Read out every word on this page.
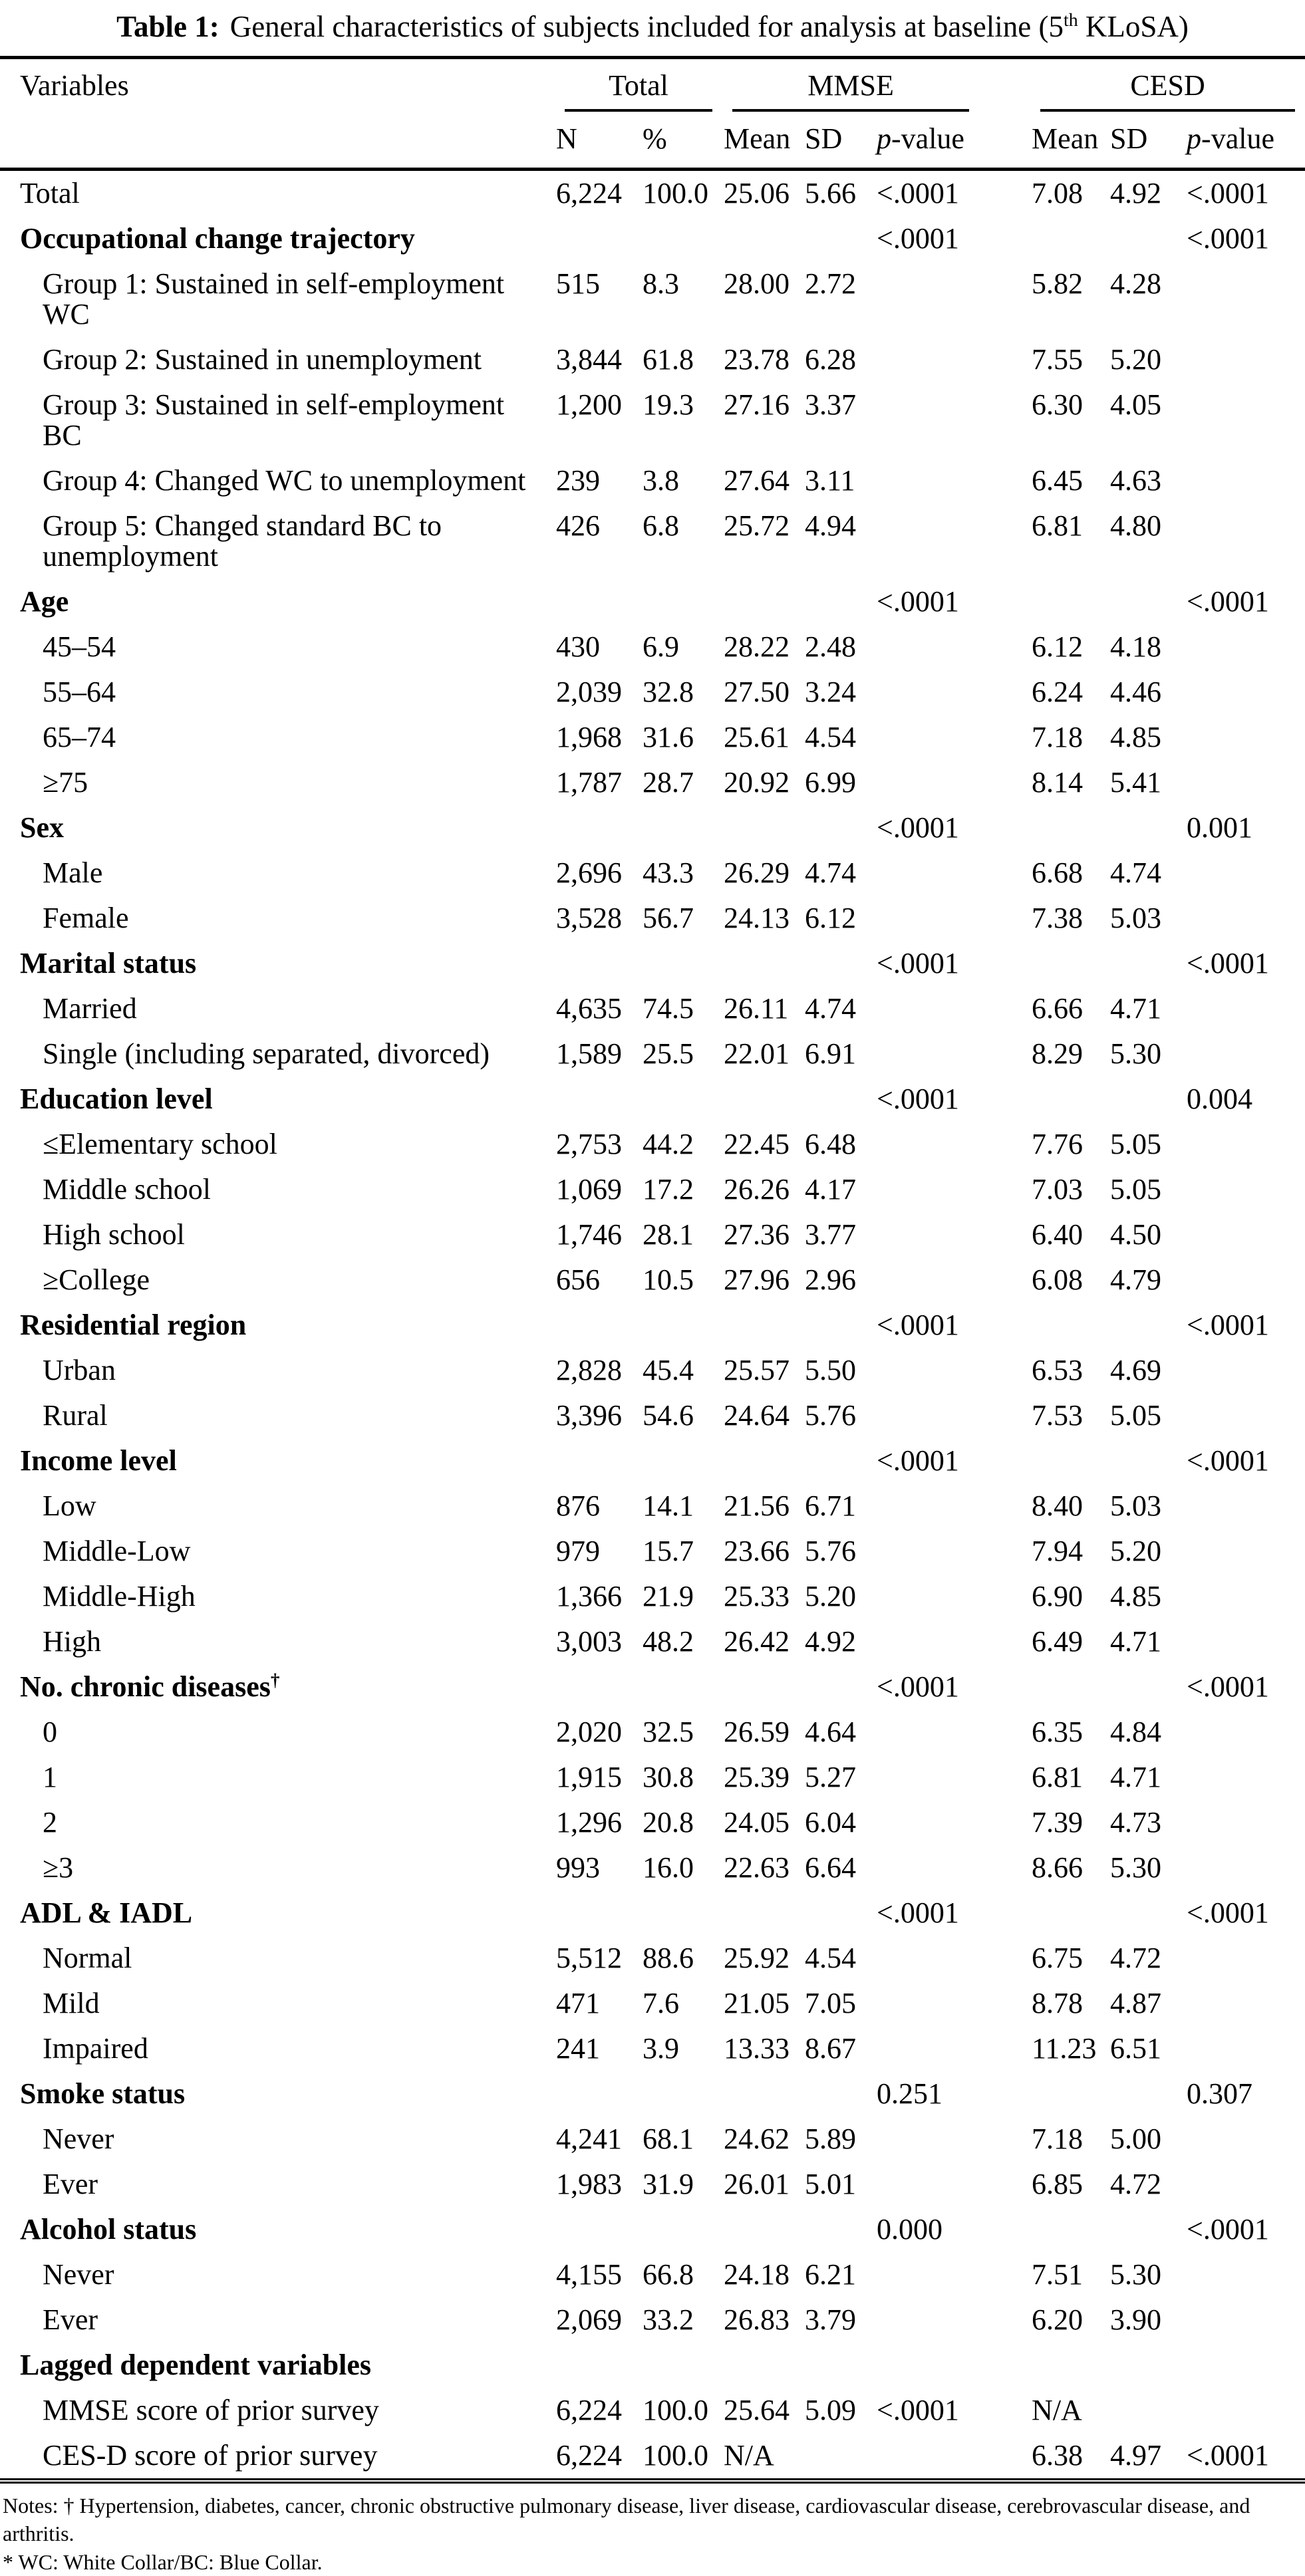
Table 1: General characteristics of subjects included for analysis at baseline (5th KLoSA)
Variables	Total		MMSE				CESD		

	N	%	Mean	SD	p-value		Mean	SD	p-value
Total	6,224	100.0	25.06	5.66	<.0001		7.08	4.92	<.0001
Occupational change trajectory					<.0001				<.0001
Group 1: Sustained in self-employment WC	515	8.3	28.00	2.72			5.82	4.28	
Group 2: Sustained in unemployment	3,844	61.8	23.78	6.28			7.55	5.20	
Group 3: Sustained in self-employment BC	1,200	19.3	27.16	3.37			6.30	4.05	
Group 4: Changed WC to unemployment	239	3.8	27.64	3.11			6.45	4.63	
Group 5: Changed standard BC to unemployment	426	6.8	25.72	4.94			6.81	4.80	
Age					<.0001				<.0001
45–54	430	6.9	28.22	2.48			6.12	4.18	
55–64	2,039	32.8	27.50	3.24			6.24	4.46	
65–74	1,968	31.6	25.61	4.54			7.18	4.85	
≥75	1,787	28.7	20.92	6.99			8.14	5.41	
Sex					<.0001				0.001
Male	2,696	43.3	26.29	4.74			6.68	4.74	
Female	3,528	56.7	24.13	6.12			7.38	5.03	
Marital status					<.0001				<.0001
Married	4,635	74.5	26.11	4.74			6.66	4.71	
Single (including separated, divorced)	1,589	25.5	22.01	6.91			8.29	5.30	
Education level					<.0001				0.004
≤Elementary school	2,753	44.2	22.45	6.48			7.76	5.05	
Middle school	1,069	17.2	26.26	4.17			7.03	5.05	
High school	1,746	28.1	27.36	3.77			6.40	4.50	
≥College	656	10.5	27.96	2.96			6.08	4.79	
Residential region					<.0001				<.0001
Urban	2,828	45.4	25.57	5.50			6.53	4.69	
Rural	3,396	54.6	24.64	5.76			7.53	5.05	
Income level					<.0001				<.0001
Low	876	14.1	21.56	6.71			8.40	5.03	
Middle-Low	979	15.7	23.66	5.76			7.94	5.20	
Middle-High	1,366	21.9	25.33	5.20			6.90	4.85	
High	3,003	48.2	26.42	4.92			6.49	4.71	
No. chronic diseases†					<.0001				<.0001
0	2,020	32.5	26.59	4.64			6.35	4.84	
1	1,915	30.8	25.39	5.27			6.81	4.71	
2	1,296	20.8	24.05	6.04			7.39	4.73	
≥3	993	16.0	22.63	6.64			8.66	5.30	
ADL & IADL					<.0001				<.0001
Normal	5,512	88.6	25.92	4.54			6.75	4.72	
Mild	471	7.6	21.05	7.05			8.78	4.87	
Impaired	241	3.9	13.33	8.67			11.23	6.51	
Smoke status					0.251				0.307
Never	4,241	68.1	24.62	5.89			7.18	5.00	
Ever	1,983	31.9	26.01	5.01			6.85	4.72	
Alcohol status					0.000				<.0001
Never	4,155	66.8	24.18	6.21			7.51	5.30	
Ever	2,069	33.2	26.83	3.79			6.20	3.90	
Lagged dependent variables									
MMSE score of prior survey	6,224	100.0	25.64	5.09	<.0001		N/A		
CES-D score of prior survey	6,224	100.0	N/A				6.38	4.97	<.0001
Notes: † Hypertension, diabetes, cancer, chronic obstructive pulmonary disease, liver disease, cardiovascular disease, cerebrovascular disease, and arthritis.
* WC: White Collar/BC: Blue Collar.
